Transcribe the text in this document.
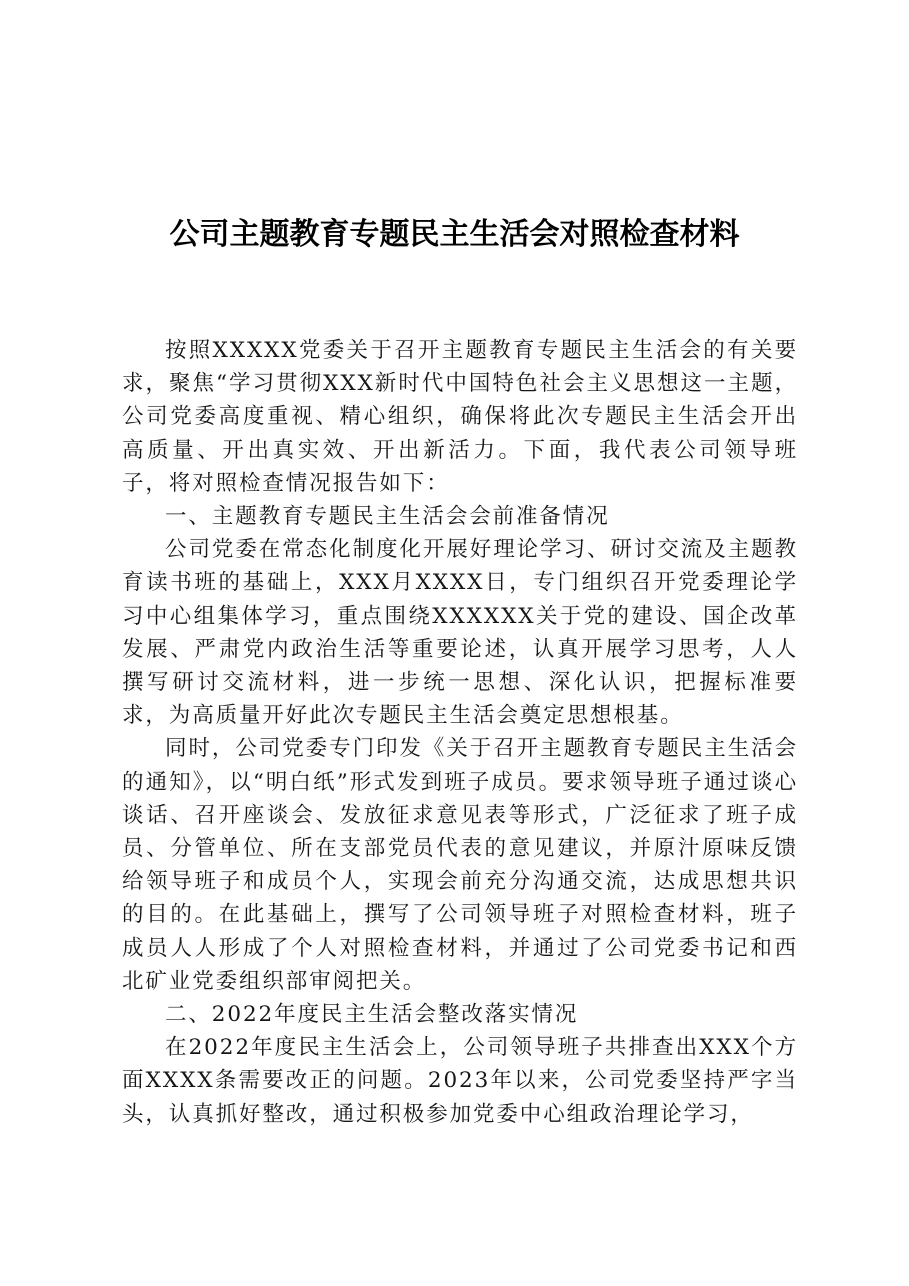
公司主题教育专题民主生活会对照检查材料

按照XXXXX党委关于召开主题教育专题民主生活会的有关要求，聚焦“学习贯彻XXX新时代中国特色社会主义思想这一主题，公司党委高度重视、精心组织，确保将此次专题民主生活会开出高质量、开出真实效、开出新活力。下面，我代表公司领导班子，将对照检查情况报告如下：

一、主题教育专题民主生活会会前准备情况

公司党委在常态化制度化开展好理论学习、研讨交流及主题教育读书班的基础上，XXX月XXXX日，专门组织召开党委理论学习中心组集体学习，重点围绕XXXXXX关于党的建设、国企改革发展、严肃党内政治生活等重要论述，认真开展学习思考，人人撰写研讨交流材料，进一步统一思想、深化认识，把握标准要求，为高质量开好此次专题民主生活会奠定思想根基。

同时，公司党委专门印发《关于召开主题教育专题民主生活会的通知》，以“明白纸”形式发到班子成员。要求领导班子通过谈心谈话、召开座谈会、发放征求意见表等形式，广泛征求了班子成员、分管单位、所在支部党员代表的意见建议，并原汁原味反馈给领导班子和成员个人，实现会前充分沟通交流，达成思想共识的目的。在此基础上，撰写了公司领导班子对照检查材料，班子成员人人形成了个人对照检查材料，并通过了公司党委书记和西北矿业党委组织部审阅把关。

二、2022年度民主生活会整改落实情况

在2022年度民主生活会上，公司领导班子共排查出XXX个方面XXXX条需要改正的问题。2023年以来，公司党委坚持严字当头，认真抓好整改，通过积极参加党委中心组政治理论学习，
